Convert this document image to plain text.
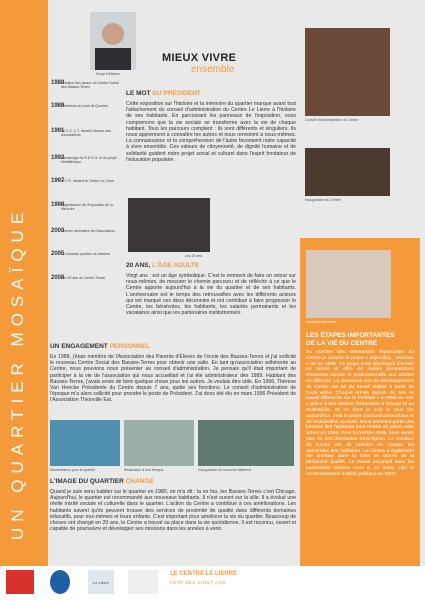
UN QUARTIER MOSAÏQUE
1988
Création des locaux du Centre Social des Basses-Terres
1989
Ouverture du local de Quartier
1991
Le C.S. C.T. devient Maison des Associations
1992
Démarrage du R.E.S.O. et du projet Médiathèque
1997
Le T.R. devient le Centre Le Lierre
1998
Organisation de l'Exposition de la Mémoire
2003
Premier animateur de l'Association
2005
Le nouveau quartier se dessine
2008
Les 20 ans du Centre Social
Serge Dellenes
MIEUX VIVRE
ensemble
LE MOT DU PRÉSIDENT
Cette exposition sur l'histoire et la mémoire du quartier marque avant tout l'attachement du conseil d'administration du Centre Le Lierre à l'histoire de ses habitants. En parcourant les panneaux de l'exposition, nous comprenons que la vie sociale se transforme avec la vie de chaque habitant. Tous les parcours comptent : ils sont différents et singuliers. Ils nous apprennent à connaître les autres et nous renvoient à nous-mêmes. La connaissance et la compréhension de l'autre favorisent notre capacité à vivre ensemble. Ces valeurs de citoyenneté, de dignité humaine et de solidarité guident notre projet social et culturel dans l'esprit fondateur de l'éducation populaire.
Les 20 ans
20 ANS, L'ÂGE ADULTE
Vingt ans : est un âge symbolique. C'est le moment de faire un retour sur nous-mêmes, de mesurer le chemin parcouru et de réfléchir à ce que le Centre apporte aujourd'hui à la vie du quartier et de ses habitants. L'anniversaire est le temps des retrouvailles avec les différents acteurs qui ont marqué ces deux décennies et ont contribué à faire progresser le Centre, les bénévoles, les habitants, les salariés permanents et les vacataires ainsi que les partenaires institutionnels.
Conseil d'administration du Centre
Inauguration du Centre
Animation jeunesse
LES ÉTAPES IMPORTANTES
DE LA VIE DU CENTRE
Au nombre des orientations importantes du Centre je compte le projet « objectif(s) : insertion » né en 1995. Ce projet s'est développé d'année en année et offre de réelles perspectives d'insertion sociale et professionnelle aux adultes en difficulté. Le deuxième axe de développement du Centre est né du travail réalisé à partir de l'outil vidéo. Chaque année depuis dix ans ce travail débouche sur le Festival « le Réel en Vue » grâce à des ateliers d'éducation à l'image et au multimédia. Et ce dont je suis le plus fier aujourd'hui, c'est le projet d'accueil périscolaire et de restauration scolaire. Nous sommes partis des besoins des habitants pour mettre en place cette action en 1999. Pour la rentrée 2008, nous avons plus de 160 demandes d'inscription. La vocation du Centre est de prendre en compte les demandes des habitants. Le Centre a également été pionnier dans la mise en œuvre de la démarche qualité. Le travail accompli avec les partenaires sociaux nous a, en outre, valu la reconnaissance d'utilité publique en 2007.
UN ENGAGEMENT PERSONNEL
En 1988, j'étais membre de l'Association des Parents d'Élèves de l'école des Basses-Terres et j'ai sollicité le nouveau Centre Social des Basses-Terres pour obtenir une salle. En tant qu'association adhérente au Centre, nous pouvions nous présenter au conseil d'administration. Je pensais qu'il était important de participer à la vie de l'association qui nous accueillait et j'ai été administrateur dès 1989. Habitant des Basses-Terres, j'avais envie de faire quelque chose pour les autres. Je voulais être utile. En 1996, Thérèse Van Hoecke Présidente du Centre depuis 7 ans, quitte ses fonctions. Le conseil d'administration de l'époque m'a alors sollicité pour prendre le poste de Président. J'ai donc été élu en mars 1996 Président de l'Association Thionville Est.
Manifestation pour le quartier	Réalisation d'une fresque	Inauguration du nouveau bâtiment
L'IMAGE DU QUARTIER CHANGE
Quand je suis venu habiter sur le quartier en 1980, on m'a dit : tu es fou, les Basses-Terres c'est Chicago. Aujourd'hui, le quartier est recommandé aux nouveaux habitants. Il n'est ouvert sur la ville. Il a évolué une réelle mixité sociale et culturelle dans le quartier. L'action du Centre a contribué à ces améliorations. Les habitants savent qu'ils peuvent trouver des services de proximité de qualité dans différents domaines éducatifs, pour eux-mêmes et leurs enfants. C'est important pour améliorer la vie du quartier. Beaucoup de choses ont changé en 20 ans, le Centre a trouvé sa place dans la vie quotidienne. Il est reconnu, ouvert et capable de poursuivre et développer ses missions dans les années à venir.
Le Lierre
LE CENTRE LE LIERRE
FÊTE SES VINGT ANS
